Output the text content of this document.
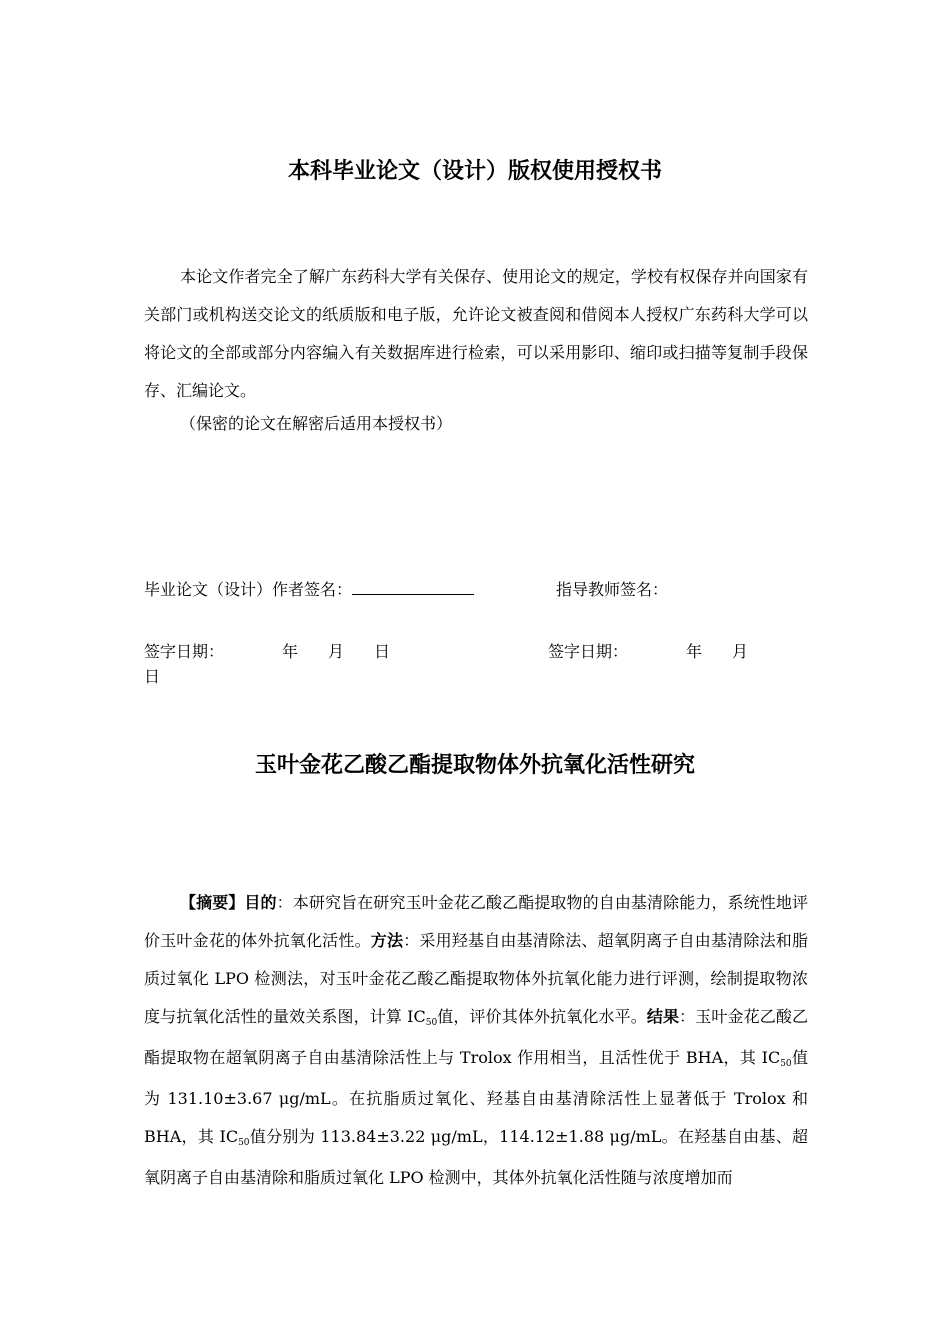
本科毕业论文（设计）版权使用授权书

本论文作者完全了解广东药科大学有关保存、使用论文的规定，学校有权保存并向国家有关部门或机构送交论文的纸质版和电子版，允许论文被查阅和借阅本人授权广东药科大学可以将论文的全部或部分内容编入有关数据库进行检索，可以采用影印、缩印或扫描等复制手段保存、汇编论文。

（保密的论文在解密后适用本授权书）
毕业论文（设计）作者签名：	指导教师签名：
签字日期：	年 月 日	签字日期：	年 月
日
玉叶金花乙酸乙酯提取物体外抗氧化活性研究

【摘要】目的：本研究旨在研究玉叶金花乙酸乙酯提取物的自由基清除能力，系统性地评价玉叶金花的体外抗氧化活性。方法：采用羟基自由基清除法、超氧阴离子自由基清除法和脂质过氧化 LPO 检测法，对玉叶金花乙酸乙酯提取物体外抗氧化能力进行评测，绘制提取物浓度与抗氧化活性的量效关系图，计算 $IC_{50}$值，评价其体外抗氧化水平。结果：玉叶金花乙酸乙酯提取物在超氧阴离子自由基清除活性上与 Trolox 作用相当，且活性优于 BHA，其 $IC_{50}$值为 131.10±3.67 μg/mL。在抗脂质过氧化、羟基自由基清除活性上显著低于 Trolox 和 BHA，其 $IC_{50}$值分别为 113.84±3.22 μg/mL，114.12±1.88 μg/mL。在羟基自由基、超氧阴离子自由基清除和脂质过氧化 LPO 检测中，其体外抗氧化活性随与浓度增加而
